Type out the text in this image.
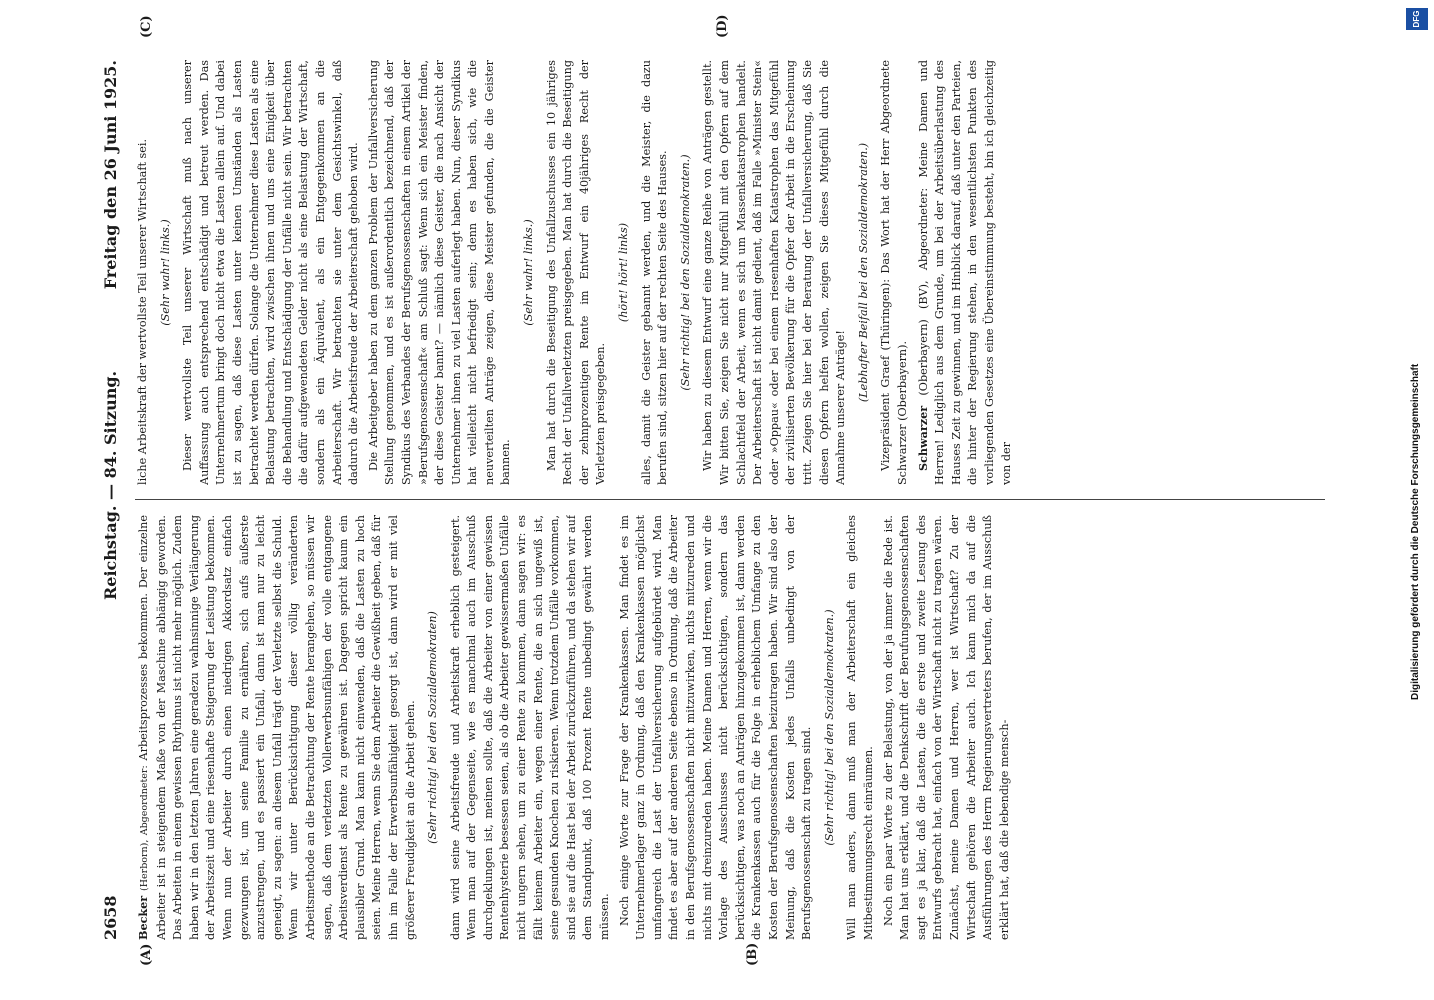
2658
Reichstag. — 84. Sitzung.
Freitag den 26 Juni 1925.
(A)	(B)
(C)	(D)

Becker (Herborn), Abgeordneter: Arbeitsprozesses bekommen. Der einzelne Arbeiter ist in steigendem Maße von der Maschine abhängig geworden. Das Arbeiten in einem gewissen Rhythmus ist nicht mehr möglich. Zudem haben wir in den letzten Jahren eine geradezu wahnsinnige Verlängerung der Arbeitszeit und eine riesenhafte Steigerung der Leistung bekommen. Wenn nun der Arbeiter durch einen niedrigen Akkordsatz einfach gezwungen ist, um seine Familie zu ernähren, sich aufs äußerste anzustrengen, und es passiert ein Unfall, dann ist man nur zu leicht geneigt, zu sagen: an diesem Unfall trägt der Verletzte selbst die Schuld. Wenn wir unter Berücksichtigung dieser völlig veränderten Arbeitsmethode an die Betrachtung der Rente herangehen, so müssen wir sagen, daß dem verletzten Vollerwerbsunfähigen der volle entgangene Arbeitsverdienst als Rente zu gewähren ist. Dagegen spricht kaum ein plausibler Grund. Man kann nicht einwenden, daß die Lasten zu hoch seien. Meine Herren, wenn Sie dem Arbeiter die Gewißheit geben, daß für ihn im Falle der Erwerbsunfähigkeit gesorgt ist, dann wird er mit viel größerer Freudigkeit an die Arbeit gehen. (Sehr richtig! bei den Sozialdemokraten) dann wird seine Arbeitsfreude und Arbeitskraft erheblich gesteigert. Wenn man auf der Gegenseite, wie es manchmal auch im Ausschuß durchgeklungen ist, meinen sollte, daß die Arbeiter von einer gewissen Rentenhysterie besessen seien, als ob die Arbeiter gewissermaßen Unfälle nicht ungern sehen, um zu einer Rente zu kommen, dann sagen wir: es fällt keinem Arbeiter ein, wegen einer Rente, die an sich ungewiß ist, seine gesunden Knochen zu riskieren. Wenn trotzdem Unfälle vorkommen, sind sie auf die Hast bei der Arbeit zurückzuführen, und da stehen wir auf dem Standpunkt, daß 100 Prozent Rente unbedingt gewährt werden müssen. Noch einige Worte zur Frage der Krankenkassen. Man findet es im Unternehmerlager ganz in Ordnung, daß den Krankenkassen möglichst umfangreich die Last der Unfallversicherung aufgebürdet wird. Man findet es aber auf der anderen Seite ebenso in Ordnung, daß die Arbeiter in den Berufsgenossenschaften nicht mitzuwirken, nichts mitzureden und nichts mit dreinzureden haben. Meine Damen und Herren, wenn wir die Vorlage des Ausschusses nicht berücksichtigen, sondern das berücksichtigen, was noch an Anträgen hinzugekommen ist, dann werden die Krankenkassen auch für die Folge in erheblichem Umfange zu den Kosten der Berufsgenossenschaften beizutragen haben. Wir sind also der Meinung, daß die Kosten jedes Unfalls unbedingt von der Berufsgenossenschaft zu tragen sind. (Sehr richtig! bei den Sozialdemokraten.) Will man anders, dann muß man der Arbeiterschaft ein gleiches Mitbestimmungsrecht einräumen. Noch ein paar Worte zu der Belastung, von der ja immer die Rede ist. Man hat uns erklärt, und die Denkschrift der Berufungsgenossenschaften sagt es ja klar, daß die Lasten, die die erste und zweite Lesung des Entwurfs gebracht hat, einfach von der Wirtschaft nicht zu tragen wären. Zunächst, meine Damen und Herren, wer ist Wirtschaft? Zu der Wirtschaft gehören die Arbeiter auch. Ich kann mich da auf die Ausführungen des Herrn Regierungsvertreters berufen, der im Ausschuß erklärt hat, daß die lebendige mensch-

liche Arbeitskraft der wertvollste Teil unserer Wirtschaft sei. (Sehr wahr! links.) Dieser wertvollste Teil unserer Wirtschaft muß nach unserer Auffassung auch entsprechend entschädigt und betreut werden. Das Unternehmertum bringt doch nicht etwa die Lasten allein auf. Und dabei ist zu sagen, daß diese Lasten unter keinen Umständen als Lasten betrachtet werden dürfen. Solange die Unternehmer diese Lasten als eine Belastung betrachten, wird zwischen ihnen und uns eine Einigkeit über die Behandlung und Entschädigung der Unfälle nicht sein. Wir betrachten die dafür aufgewendeten Gelder nicht als eine Belastung der Wirtschaft, sondern als ein Äquivalent, als ein Entgegenkommen an die Arbeiterschaft. Wir betrachten sie unter dem Gesichtswinkel, daß dadurch die Arbeitsfreude der Arbeiterschaft gehoben wird. Die Arbeitgeber haben zu dem ganzen Problem der Unfallversicherung Stellung genommen, und es ist außerordentlich bezeichnend, daß der Syndikus des Verbandes der Berufsgenossenschaften in einem Artikel der »Berufsgenossenschaft« am Schluß sagt: Wenn sich ein Meister finden, der diese Geister bannt? — nämlich diese Geister, die nach Ansicht der Unternehmer ihnen zu viel Lasten auferlegt haben. Nun, dieser Syndikus hat vielleicht nicht befriedigt sein; denn es haben sich, wie die neuverteilten Anträge zeigen, diese Meister gefunden, die die Geister bannen.

(Sehr wahr! links.) Man hat durch die Beseitigung des Unfallzuschusses ein 10 jähriges Recht der Unfallverletzten preisgegeben. Man hat durch die Beseitigung der zehnprozentigen Rente im Entwurf ein 40jähriges Recht der Verletzten preisgegeben.

(hört! hört! links) alles, damit die Geister gebannt werden, und die Meister, die dazu berufen sind, sitzen hier auf der rechten Seite des Hauses. (Sehr richtig! bei den Sozialdemokraten.) Wir haben zu diesem Entwurf eine ganze Reihe von Anträgen gestellt. Wir bitten Sie, zeigen Sie nicht nur Mitgefühl mit den Opfern auf dem Schlachtfeld der Arbeit, wenn es sich um Massenkatastrophen handelt. Der Arbeiterschaft ist nicht damit gedient, daß im Falle »Minister Stein« oder »Oppau« oder bei einem riesenhaften Katastrophen das Mitgefühl der zivilisierten Bevölkerung für die Opfer der Arbeit in die Erscheinung tritt. Zeigen Sie hier bei der Beratung der Unfallversicherung, daß Sie diesen Opfern helfen wollen, zeigen Sie dieses Mitgefühl durch die Annahme unserer Anträge!

(Lebhafter Beifall bei den Sozialdemokraten.) Vizepräsident Graef (Thüringen): Das Wort hat der Herr Abgeordnete Schwarzer (Oberbayern). Schwarzer (Oberbayern) (BV), Abgeordneter: Meine Damen und Herren! Lediglich aus dem Grunde, um bei der Arbeitsüberlastung des Hauses Zeit zu gewinnen, und im Hinblick darauf, daß unter den Parteien, die hinter der Regierung stehen, in den wesentlichsten Punkten des vorliegenden Gesetzes eine Übereinstimmung besteht, bin ich gleichzeitig von der	Digitalisierung gefördert durch die Deutsche Forschungsgemeinschaft
DFG
